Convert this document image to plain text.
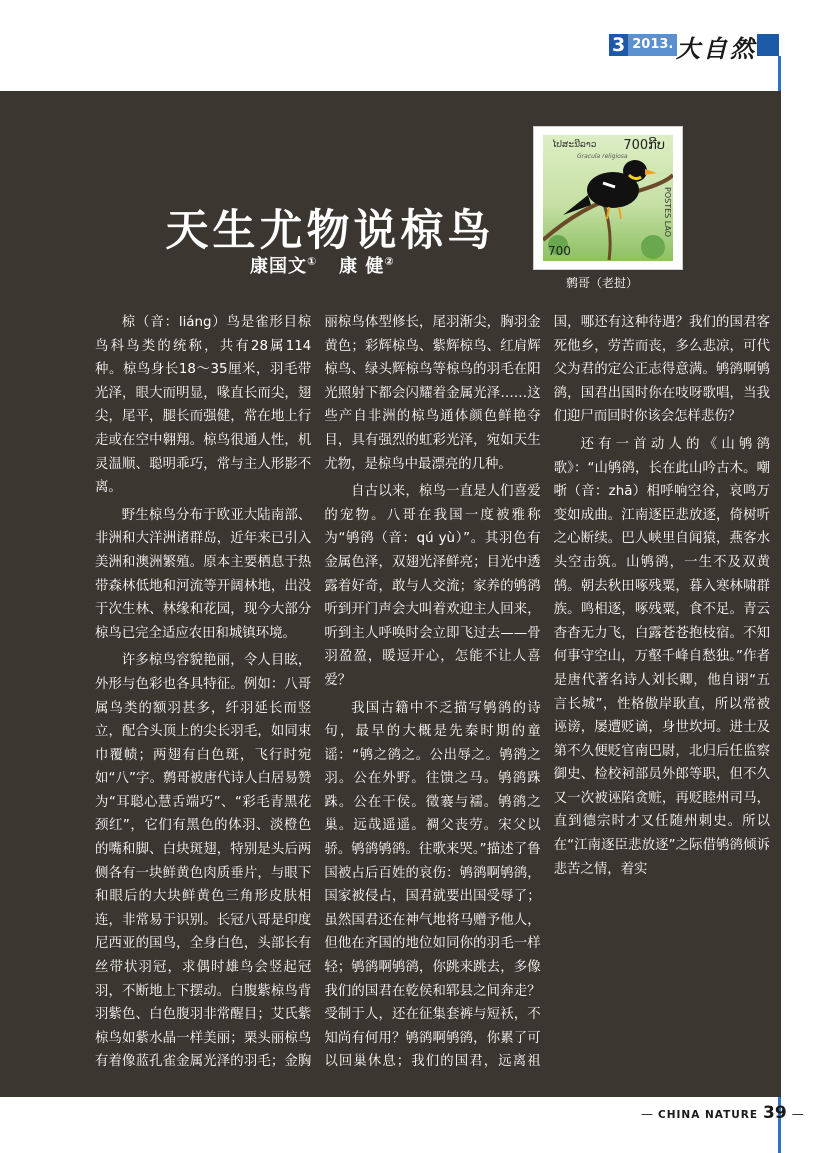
3 2013. 大自然
天生尤物说椋鸟
康国文① 康 健②
ໄປສະນີລາວ 700ກີບ
Gracula religiosa
POSTES LAO
700
鹩哥（老挝）

椋（音：liáng）鸟是雀形目椋鸟科鸟类的统称，共有28属114种。椋鸟身长18～35厘米，羽毛带光泽，眼大而明显，喙直长而尖，翅尖，尾平，腿长而强健，常在地上行走或在空中翱翔。椋鸟很通人性，机灵温顺、聪明乖巧，常与主人形影不离。

野生椋鸟分布于欧亚大陆南部、非洲和大洋洲诸群岛，近年来已引入美洲和澳洲繁殖。原本主要栖息于热带森林低地和河流等开阔林地，出没于次生林、林缘和花园，现今大部分椋鸟已完全适应农田和城镇环境。

许多椋鸟容貌艳丽，令人目眩，外形与色彩也各具特征。例如：八哥属鸟类的额羽甚多，纤羽延长而竖立，配合头顶上的尖长羽毛，如同束巾覆帻；两翅有白色斑，飞行时宛如“八”字。鹩哥被唐代诗人白居易赞为“耳聪心慧舌端巧”、“彩毛青黑花颈红”，它们有黑色的体羽、淡橙色的嘴和脚、白块斑翅，特别是头后两侧各有一块鲜黄色肉质垂片，与眼下和眼后的大块鲜黄色三角形皮肤相连，非常易于识别。长冠八哥是印度尼西亚的国鸟，全身白色，头部长有丝带状羽冠，求偶时雄鸟会竖起冠羽，不断地上下摆动。白腹紫椋鸟背羽紫色、白色腹羽非常醒目；艾氏紫椋鸟如紫水晶一样美丽；栗头丽椋鸟有着像蓝孔雀金属光泽的羽毛；金胸丽椋鸟体型修长，尾羽渐尖，胸羽金黄色；彩辉椋鸟、紫辉椋鸟、红肩辉椋鸟、绿头辉椋鸟等椋鸟的羽毛在阳光照射下都会闪耀着金属光泽……这些产自非洲的椋鸟通体颜色鲜艳夺目，具有强烈的虹彩光泽，宛如天生尤物，是椋鸟中最漂亮的几种。

自古以来，椋鸟一直是人们喜爱的宠物。八哥在我国一度被雅称为“鸲鹆（音：qú yù）”。其羽色有金属色泽，双翅光泽鲜亮；目光中透露着好奇，敢与人交流；家养的鸲鹆听到开门声会大叫着欢迎主人回来，听到主人呼唤时会立即飞过去——骨羽盈盈，暖逗开心，怎能不让人喜爱？

我国古籍中不乏描写鸲鹆的诗句，最早的大概是先秦时期的童谣：“鸲之鹆之。公出辱之。鸲鹆之羽。公在外野。往馈之马。鸲鹆跦跦。公在干侯。徵褰与襦。鸲鹆之巢。远哉遥遥。裯父丧劳。宋父以骄。鸲鹆鸲鹆。往歌来哭。”描述了鲁国被占后百姓的哀伤：鸲鹆啊鸲鹆，国家被侵占，国君就要出国受辱了；虽然国君还在神气地将马赠予他人，但他在齐国的地位如同你的羽毛一样轻；鸲鹆啊鸲鹆，你跳来跳去，多像我们的国君在乾侯和郓县之间奔走？受制于人，还在征集套裤与短袄，不知尚有何用？鸲鹆啊鸲鹆，你累了可以回巢休息；我们的国君，远离祖国，哪还有这种待遇？我们的国君客死他乡，劳苦而丧，多么悲凉，可代父为君的定公正志得意满。鸲鹆啊鸲鹆，国君出国时你在吱呀歌唱，当我们迎尸而回时你该会怎样悲伤？

还有一首动人的《山鸲鹆歌》：“山鸲鹆，长在此山吟古木。嘲哳（音：zhā）相呼响空谷，哀鸣万变如成曲。江南逐臣悲放逐，倚树听之心断续。巴人峡里自闻猿，燕客水头空击筑。山鸲鹆，一生不及双黄鹄。朝去秋田啄残粟，暮入寒林啸群族。鸣相逐，啄残粟，食不足。青云杳杳无力飞，白露苍苍抱枝宿。不知何事守空山，万壑千峰自愁独。”作者是唐代著名诗人刘长卿，他自诩“五言长城”，性格傲岸耿直，所以常被诬谤，屡遭贬谪，身世坎坷。进士及第不久便贬官南巴尉，北归后任监察御史、检校祠部员外郎等职，但不久又一次被诬陷贪赃，再贬睦州司马，直到德宗时才又任随州刺史。所以在“江南逐臣悲放逐”之际借鸲鹆倾诉悲苦之情，着实

— CHINA NATURE 39 —
